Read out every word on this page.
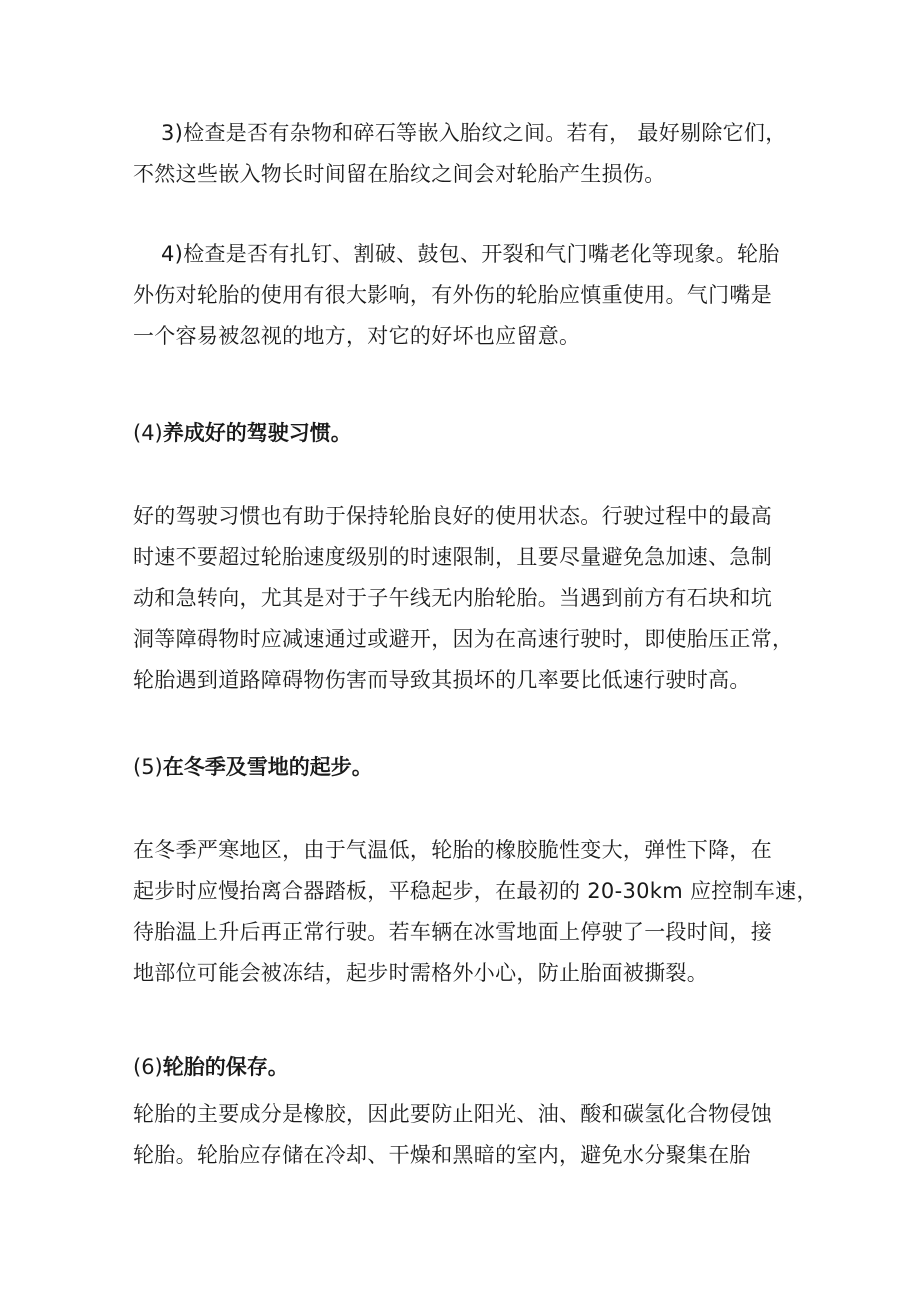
3)检查是否有杂物和碎石等嵌入胎纹之间。若有， 最好剔除它们，
不然这些嵌入物长时间留在胎纹之间会对轮胎产生损伤。

4)检查是否有扎钉、割破、鼓包、开裂和气门嘴老化等现象。轮胎
外伤对轮胎的使用有很大影响，有外伤的轮胎应慎重使用。气门嘴是
一个容易被忽视的地方，对它的好坏也应留意。

(4)养成好的驾驶习惯。

好的驾驶习惯也有助于保持轮胎良好的使用状态。行驶过程中的最高
时速不要超过轮胎速度级别的时速限制，且要尽量避免急加速、急制
动和急转向，尤其是对于子午线无内胎轮胎。当遇到前方有石块和坑
洞等障碍物时应减速通过或避开，因为在高速行驶时，即使胎压正常，
轮胎遇到道路障碍物伤害而导致其损坏的几率要比低速行驶时高。

(5)在冬季及雪地的起步。

在冬季严寒地区，由于气温低，轮胎的橡胶脆性变大，弹性下降，在
起步时应慢抬离合器踏板，平稳起步，在最初的 20-30km 应控制车速，
待胎温上升后再正常行驶。若车辆在冰雪地面上停驶了一段时间，接
地部位可能会被冻结，起步时需格外小心，防止胎面被撕裂。

(6)轮胎的保存。

轮胎的主要成分是橡胶，因此要防止阳光、油、酸和碳氢化合物侵蚀
轮胎。轮胎应存储在冷却、干燥和黑暗的室内，避免水分聚集在胎
